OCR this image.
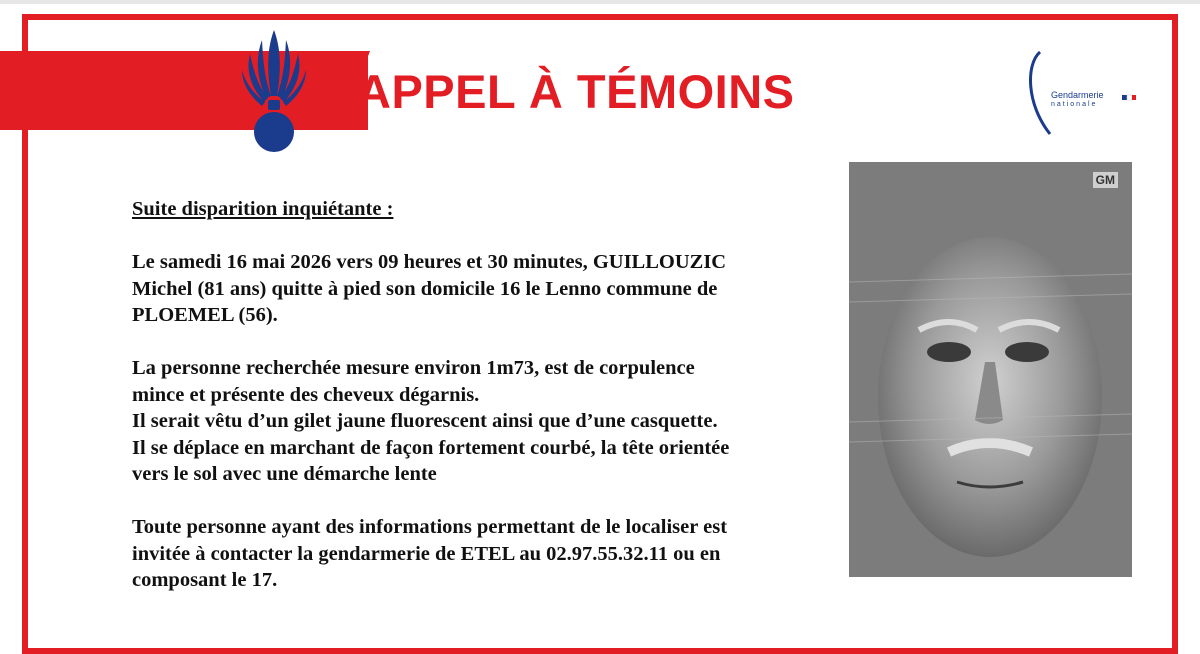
APPEL À TÉMOINS	Gendarmerie
nationale

Suite disparition inquiétante :

Le samedi 16 mai 2026 vers 09 heures et 30 minutes, GUILLOUZIC
Michel (81 ans) quitte à pied son domicile 16 le Lenno commune de
PLOEMEL (56).

La personne recherchée mesure environ 1m73, est de corpulence
mince et présente des cheveux dégarnis.
Il serait vêtu d’un gilet jaune fluorescent ainsi que d’une casquette.
Il se déplace en marchant de façon fortement courbé, la tête orientée
vers le sol avec une démarche lente

Toute personne ayant des informations permettant de le localiser est
invitée à contacter la gendarmerie de ETEL au 02.97.55.32.11 ou en
composant le 17.

GM
